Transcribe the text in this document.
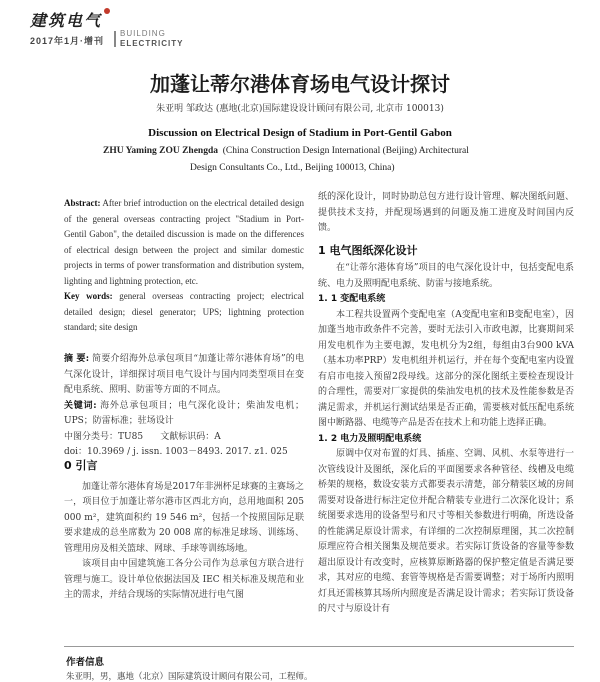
建筑电气
2017年1月·增刊
BUILDING
ELECTRICITY
加蓬让蒂尔港体育场电气设计探讨
朱亚明 邹政达 (惠地(北京)国际建设设计顾问有限公司, 北京市 100013)
Discussion on Electrical Design of Stadium in Port-Gentil Gabon
ZHU Yaming ZOU Zhengda (China Construction Design International (Beijing) Architectural
Design Consultants Co., Ltd., Beijing 100013, China)
Abstract: After brief introduction on the electrical detailed design of the general overseas contracting project "Stadium in Port-Gentil Gabon", the detailed discussion is made on the differences of electrical design between the project and similar domestic projects in terms of power transformation and distribution system, lighting and lightning protection, etc.
Key words: general overseas contracting project; electrical detailed design; diesel generator; UPS; lightning protection standard; site design
摘 要: 简要介绍海外总承包项目“加蓬让蒂尔港体育场”的电气深化设计，详细探讨项目电气设计与国内同类型项目在变配电系统、照明、防雷等方面的不同点。
关键词: 海外总承包项目；电气深化设计；柴油发电机；UPS；防雷标准；驻场设计
中图分类号：TU85 文献标识码：A
doi：10.3969 / j. issn. 1003－8493. 2017. z1. 025
0 引言

加蓬让蒂尔港体育场是2017年非洲杯足球赛的主赛场之一，项目位于加蓬让蒂尔港市区西北方向，总用地面积 205 000 m²，建筑面积约 19 546 m²，包括一个按照国际足联要求建成的总坐席数为 20 008 席的标准足球场、训练场、管理用房及相关篮球、网球、手球等训练场地。

该项目由中国建筑施工各分公司作为总承包方联合进行管理与施工。设计单位依据法国及 IEC 相关标准及规范和业主的需求，并结合现场的实际情况进行电气图

纸的深化设计，同时协助总包方进行设计管理、解决图纸问题、提供技术支持，并配现场遇到的问题及施工进度及时间国内反馈。
1 电气图纸深化设计

在“让蒂尔港体育场”项目的电气深化设计中，包括变配电系统、电力及照明配电系统、防雷与接地系统。

1. 1 变配电系统

本工程共设置两个变配电室（A变配电室和B变配电室），因加蓬当地市政条件不完善，要时无法引入市政电源，比赛期间采用发电机作为主要电源，发电机分为2组，每组由3台900 kVA（基本功率PRP）发电机组并机运行，并在每个变配电室内设置有启市电接入预留2段母线。这部分的深化图纸主要检查现设计的合理性，需要对厂家提供的柴油发电机的技术及性能参数是否满足需求，并机运行测试结果是否正确，需要核对低压配电系统图中断路器、电缆等产品是否在技术上和功能上选择正确。

1. 2 电力及照明配电系统

原调中仅对布置的灯具、插座、空调、风机、水泵等进行一次管线设计及图纸，深化后的平面图要求各种管径、线槽及电缆桥架的规格，数设安装方式都要表示清楚，部分精装区域的房间需要对设备进行标注定位并配合精装专业进行二次深化设计；系统图要求选用的设备型号和尺寸等相关参数进行明确，所选设备的性能满足原设计需求，有详细的二次控制原理图，其二次控制原理应符合相关图集及规范要求。若实际订货设备的容量等参数超出原设计有改变时，应核算原断路器的保护整定值是否满足要求，其对应的电缆、套管等规格是否需要调整；对于场所内照明灯具还需核算其场所内照度是否满足设计需求；若实际订货设备的尺寸与原设计有

作者信息
朱亚明，男，惠地（北京）国际建筑设计顾问有限公司，工程师。
